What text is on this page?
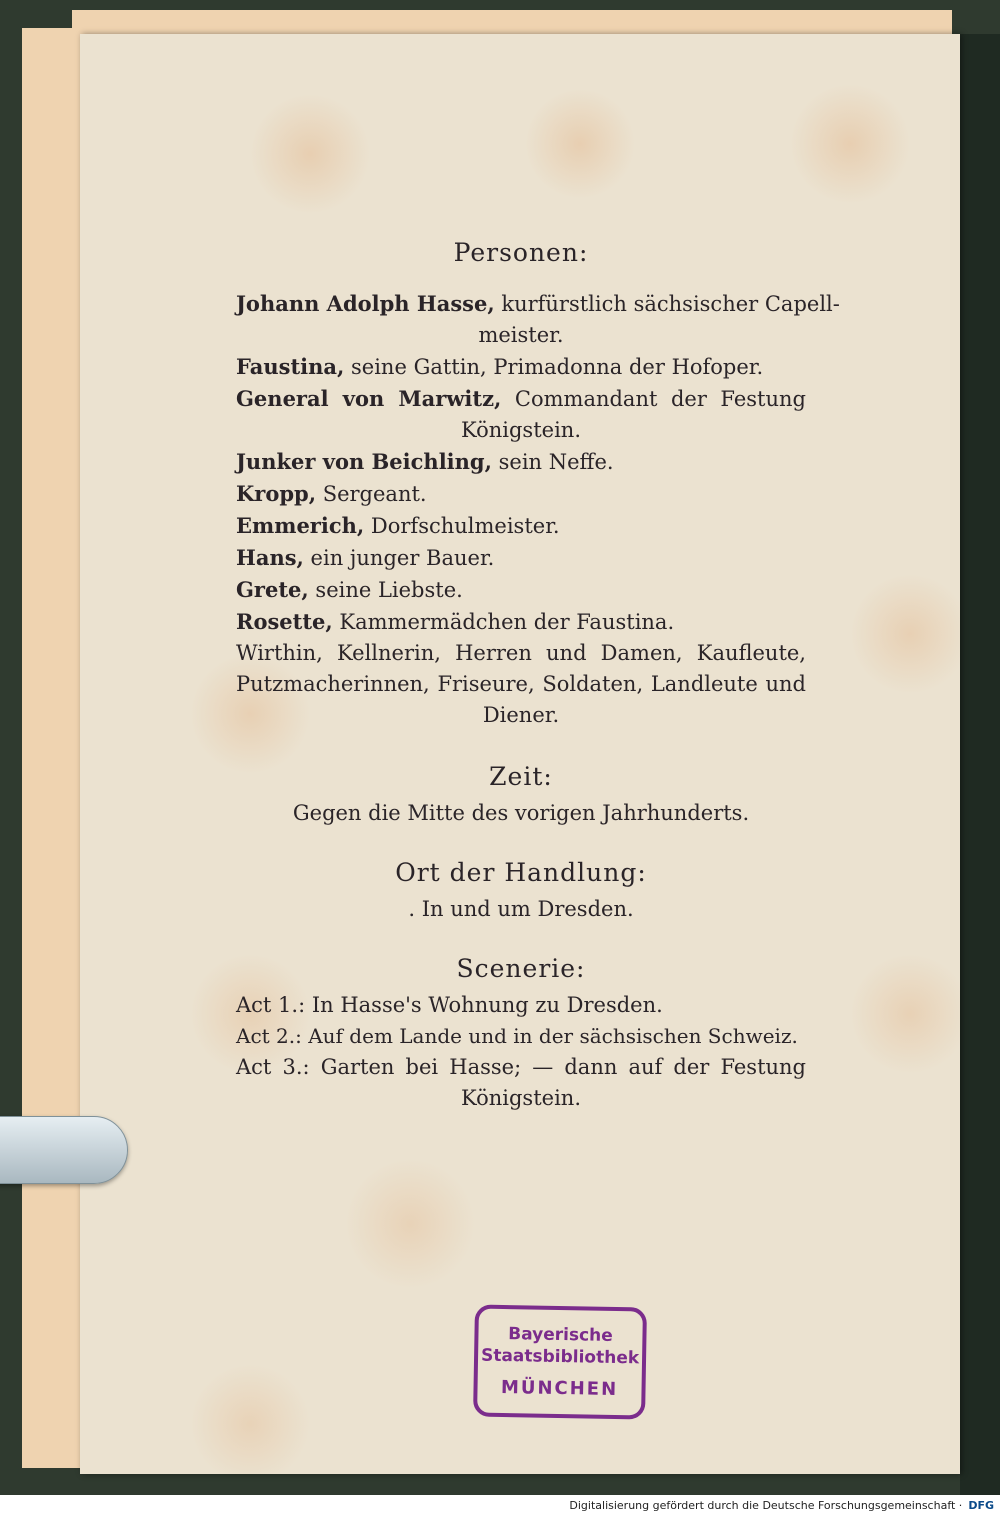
Personen:
Johann Adolph Hasse, kurfürstlich sächsischer Capell-
meister.
Faustina, seine Gattin, Primadonna der Hofoper.
General von Marwitz, Commandant der Festung
Königstein.
Junker von Beichling, sein Neffe.
Kropp, Sergeant.
Emmerich, Dorfschulmeister.
Hans, ein junger Bauer.
Grete, seine Liebste.
Rosette, Kammermädchen der Faustina.
Wirthin, Kellnerin, Herren und Damen, Kaufleute,
Putzmacherinnen, Friseure, Soldaten, Landleute und
Diener.
Zeit:
Gegen die Mitte des vorigen Jahrhunderts.
Ort der Handlung:
. In und um Dresden.
Scenerie:
Act 1.: In Hasse's Wohnung zu Dresden.
Act 2.: Auf dem Lande und in der sächsischen Schweiz.
Act 3.: Garten bei Hasse; — dann auf der Festung
Königstein.
Bayerische
Staatsbibliothek
MÜNCHEN
Digitalisierung gefördert durch die Deutsche Forschungsgemeinschaft · DFG
